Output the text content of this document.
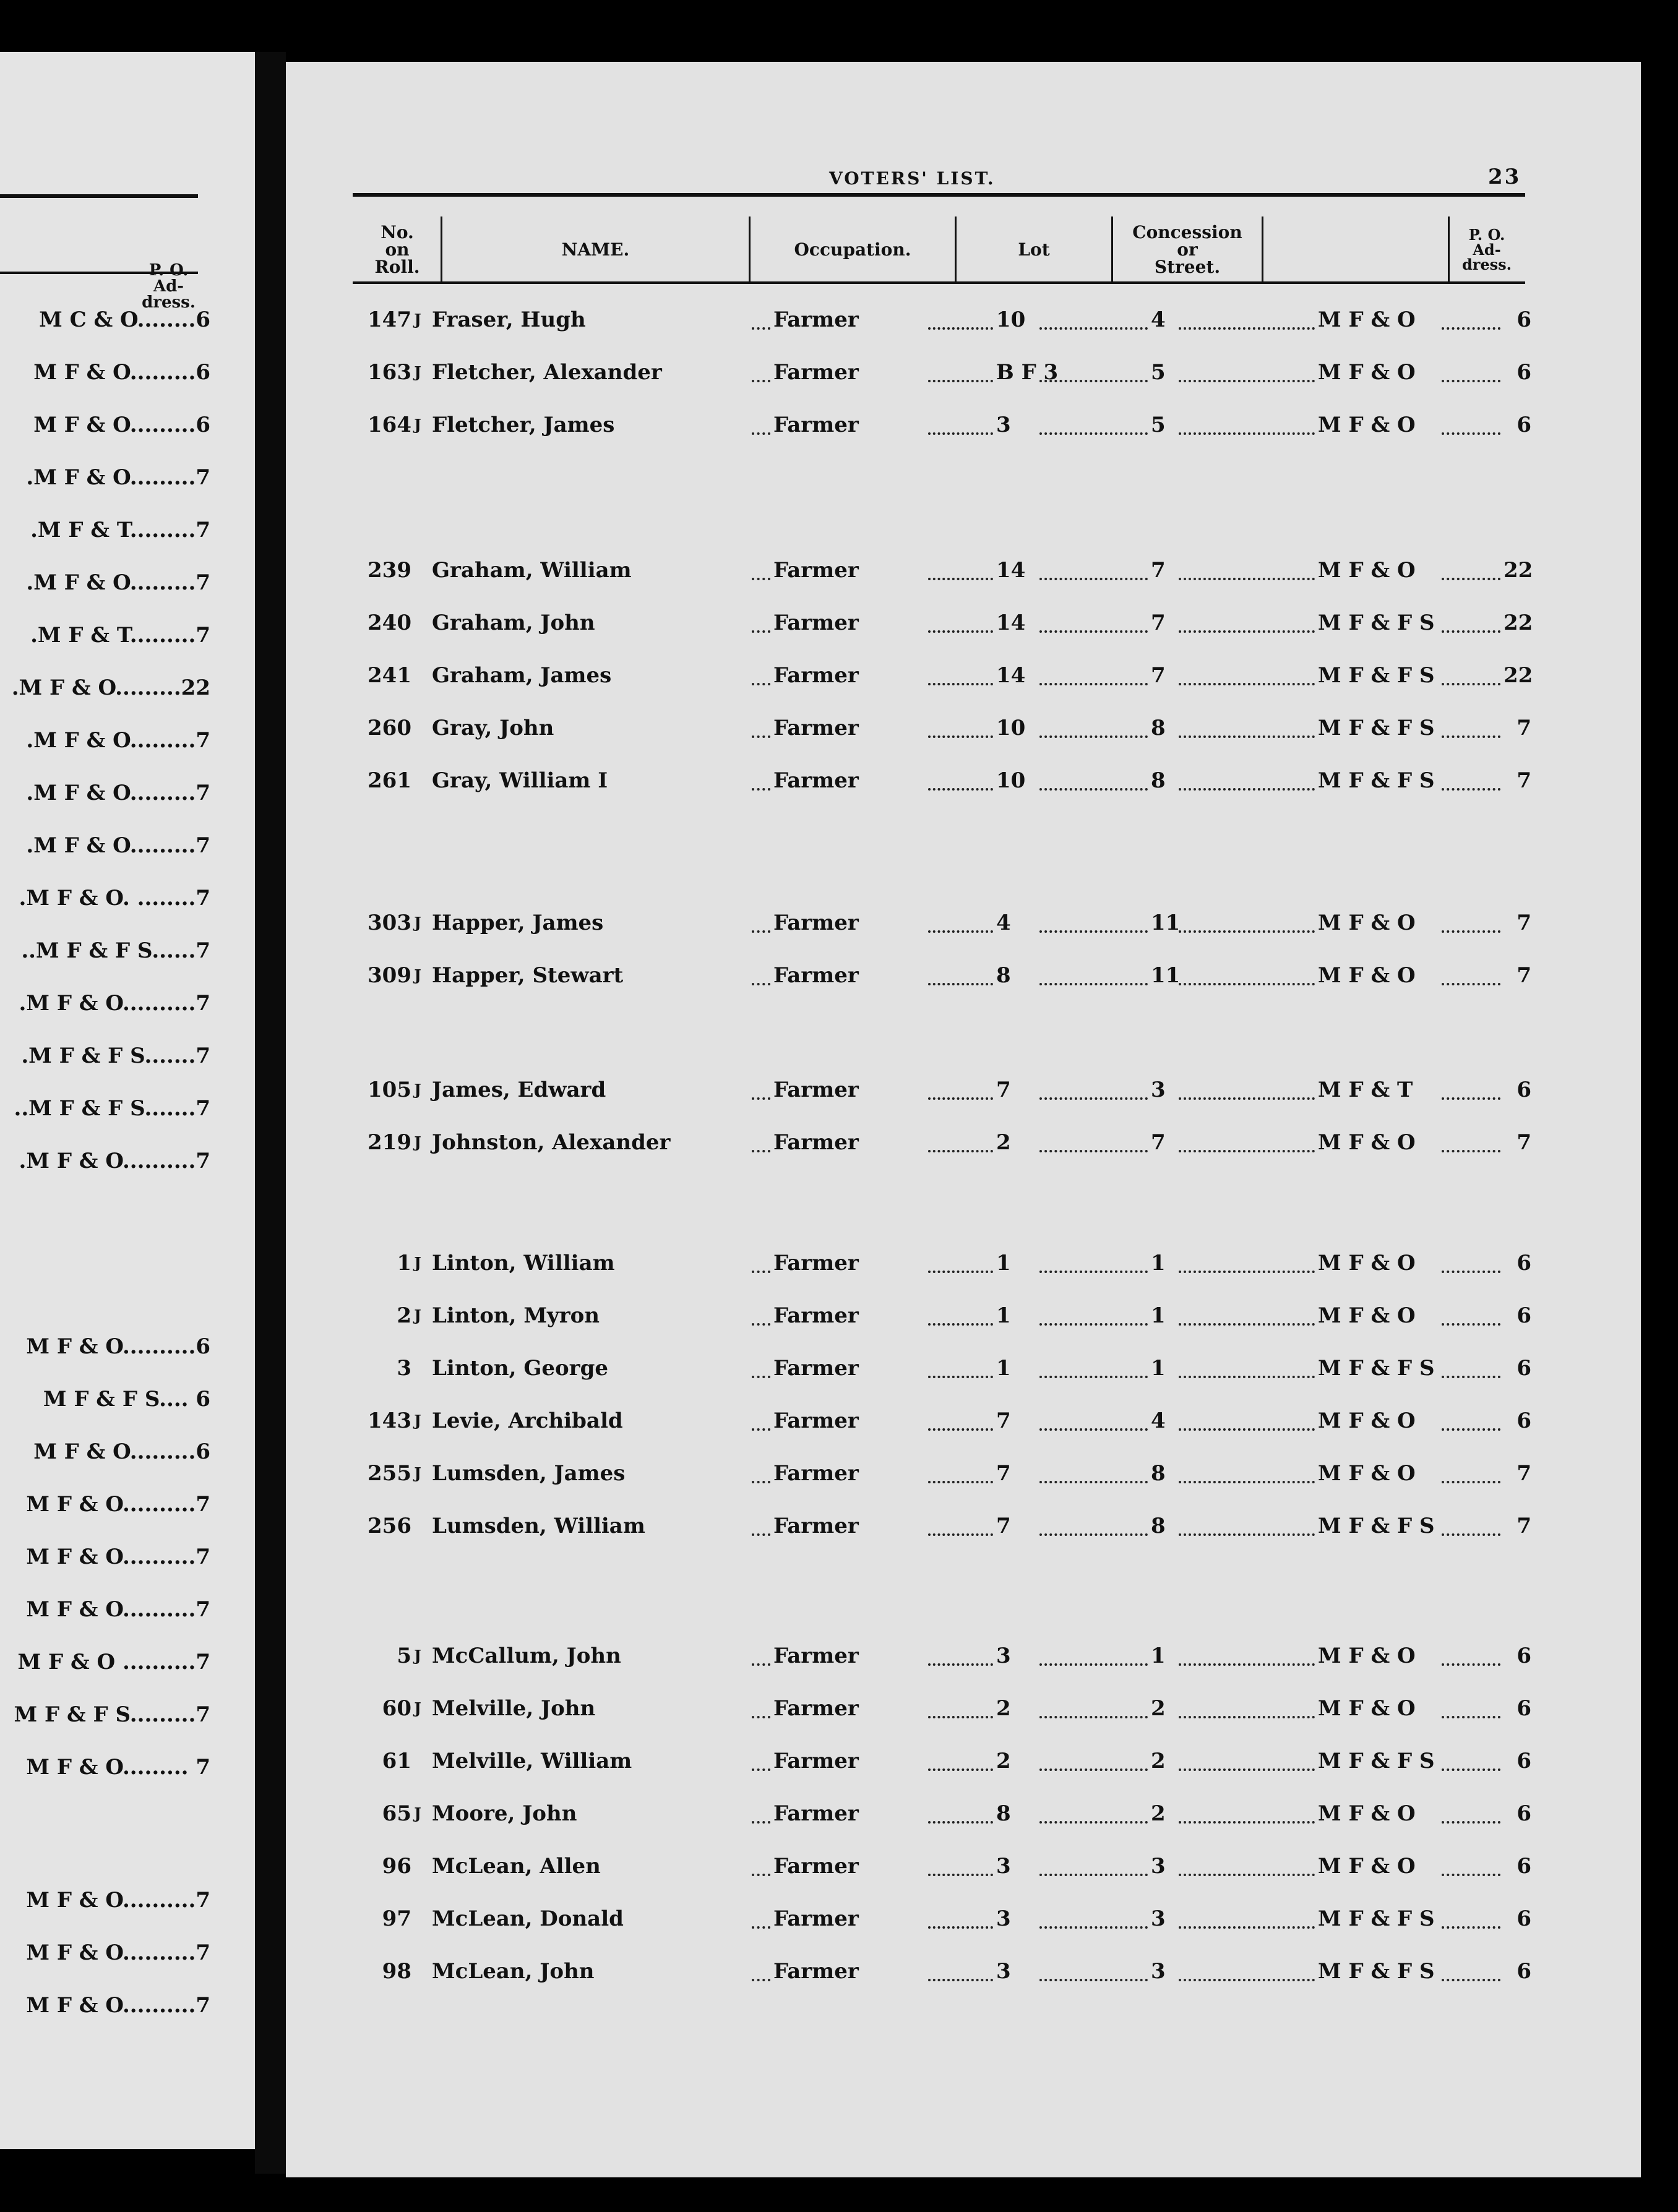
P. O.
Ad-
dress.
M C & O........6
M F & O.........6
M F & O.........6
.M F & O.........7
.M F & T.........7
.M F & O.........7
.M F & T.........7
.M F & O.........22
.M F & O.........7
.M F & O.........7
.M F & O.........7
.M F & O. ........7
..M F & F S......7
.M F & O..........7
.M F & F S.......7
..M F & F S.......7
.M F & O..........7
M F & O..........6
M F & F S.... 6
M F & O.........6
M F & O..........7
M F & O..........7
M F & O..........7
M F & O ..........7
M F & F S.........7
M F & O......... 7
M F & O..........7
M F & O..........7
M F & O..........7
VOTERS' LIST.	23
No.
on
Roll.
NAME.	Occupation.	Lot
Concession
or
Street.
P. O.
Ad-
dress.
147 J Fraser, Hugh	Farmer	10	4	M F & O	6
163 J Fletcher, Alexander	Farmer	B F 3	5	M F & O	6
164 J Fletcher, James	Farmer	3	5	M F & O	6
239 Graham, William	Farmer	14	7	M F & O	22
240 Graham, John	Farmer	14	7	M F & F S	22
241 Graham, James	Farmer	14	7	M F & F S	22
260 Gray, John	Farmer	10	8	M F & F S	7
261 Gray, William I	Farmer	10	8	M F & F S	7
303 J Happer, James	Farmer	4	11	M F & O	7
309 J Happer, Stewart	Farmer	8	11	M F & O	7
105 J James, Edward	Farmer	7	3	M F & T	6
219 J Johnston, Alexander	Farmer	2	7	M F & O	7
1 J Linton, William	Farmer	1	1	M F & O	6
2 J Linton, Myron	Farmer	1	1	M F & O	6
3 Linton, George	Farmer	1	1	M F & F S	6
143 J Levie, Archibald	Farmer	7	4	M F & O	6
255 J Lumsden, James	Farmer	7	8	M F & O	7
256 Lumsden, William	Farmer	7	8	M F & F S	7
5 J McCallum, John	Farmer	3	1	M F & O	6
60 J Melville, John	Farmer	2	2	M F & O	6
61 Melville, William	Farmer	2	2	M F & F S	6
65 J Moore, John	Farmer	8	2	M F & O	6
96 McLean, Allen	Farmer	3	3	M F & O	6
97 McLean, Donald	Farmer	3	3	M F & F S	6
98 McLean, John	Farmer	3	3	M F & F S	6
